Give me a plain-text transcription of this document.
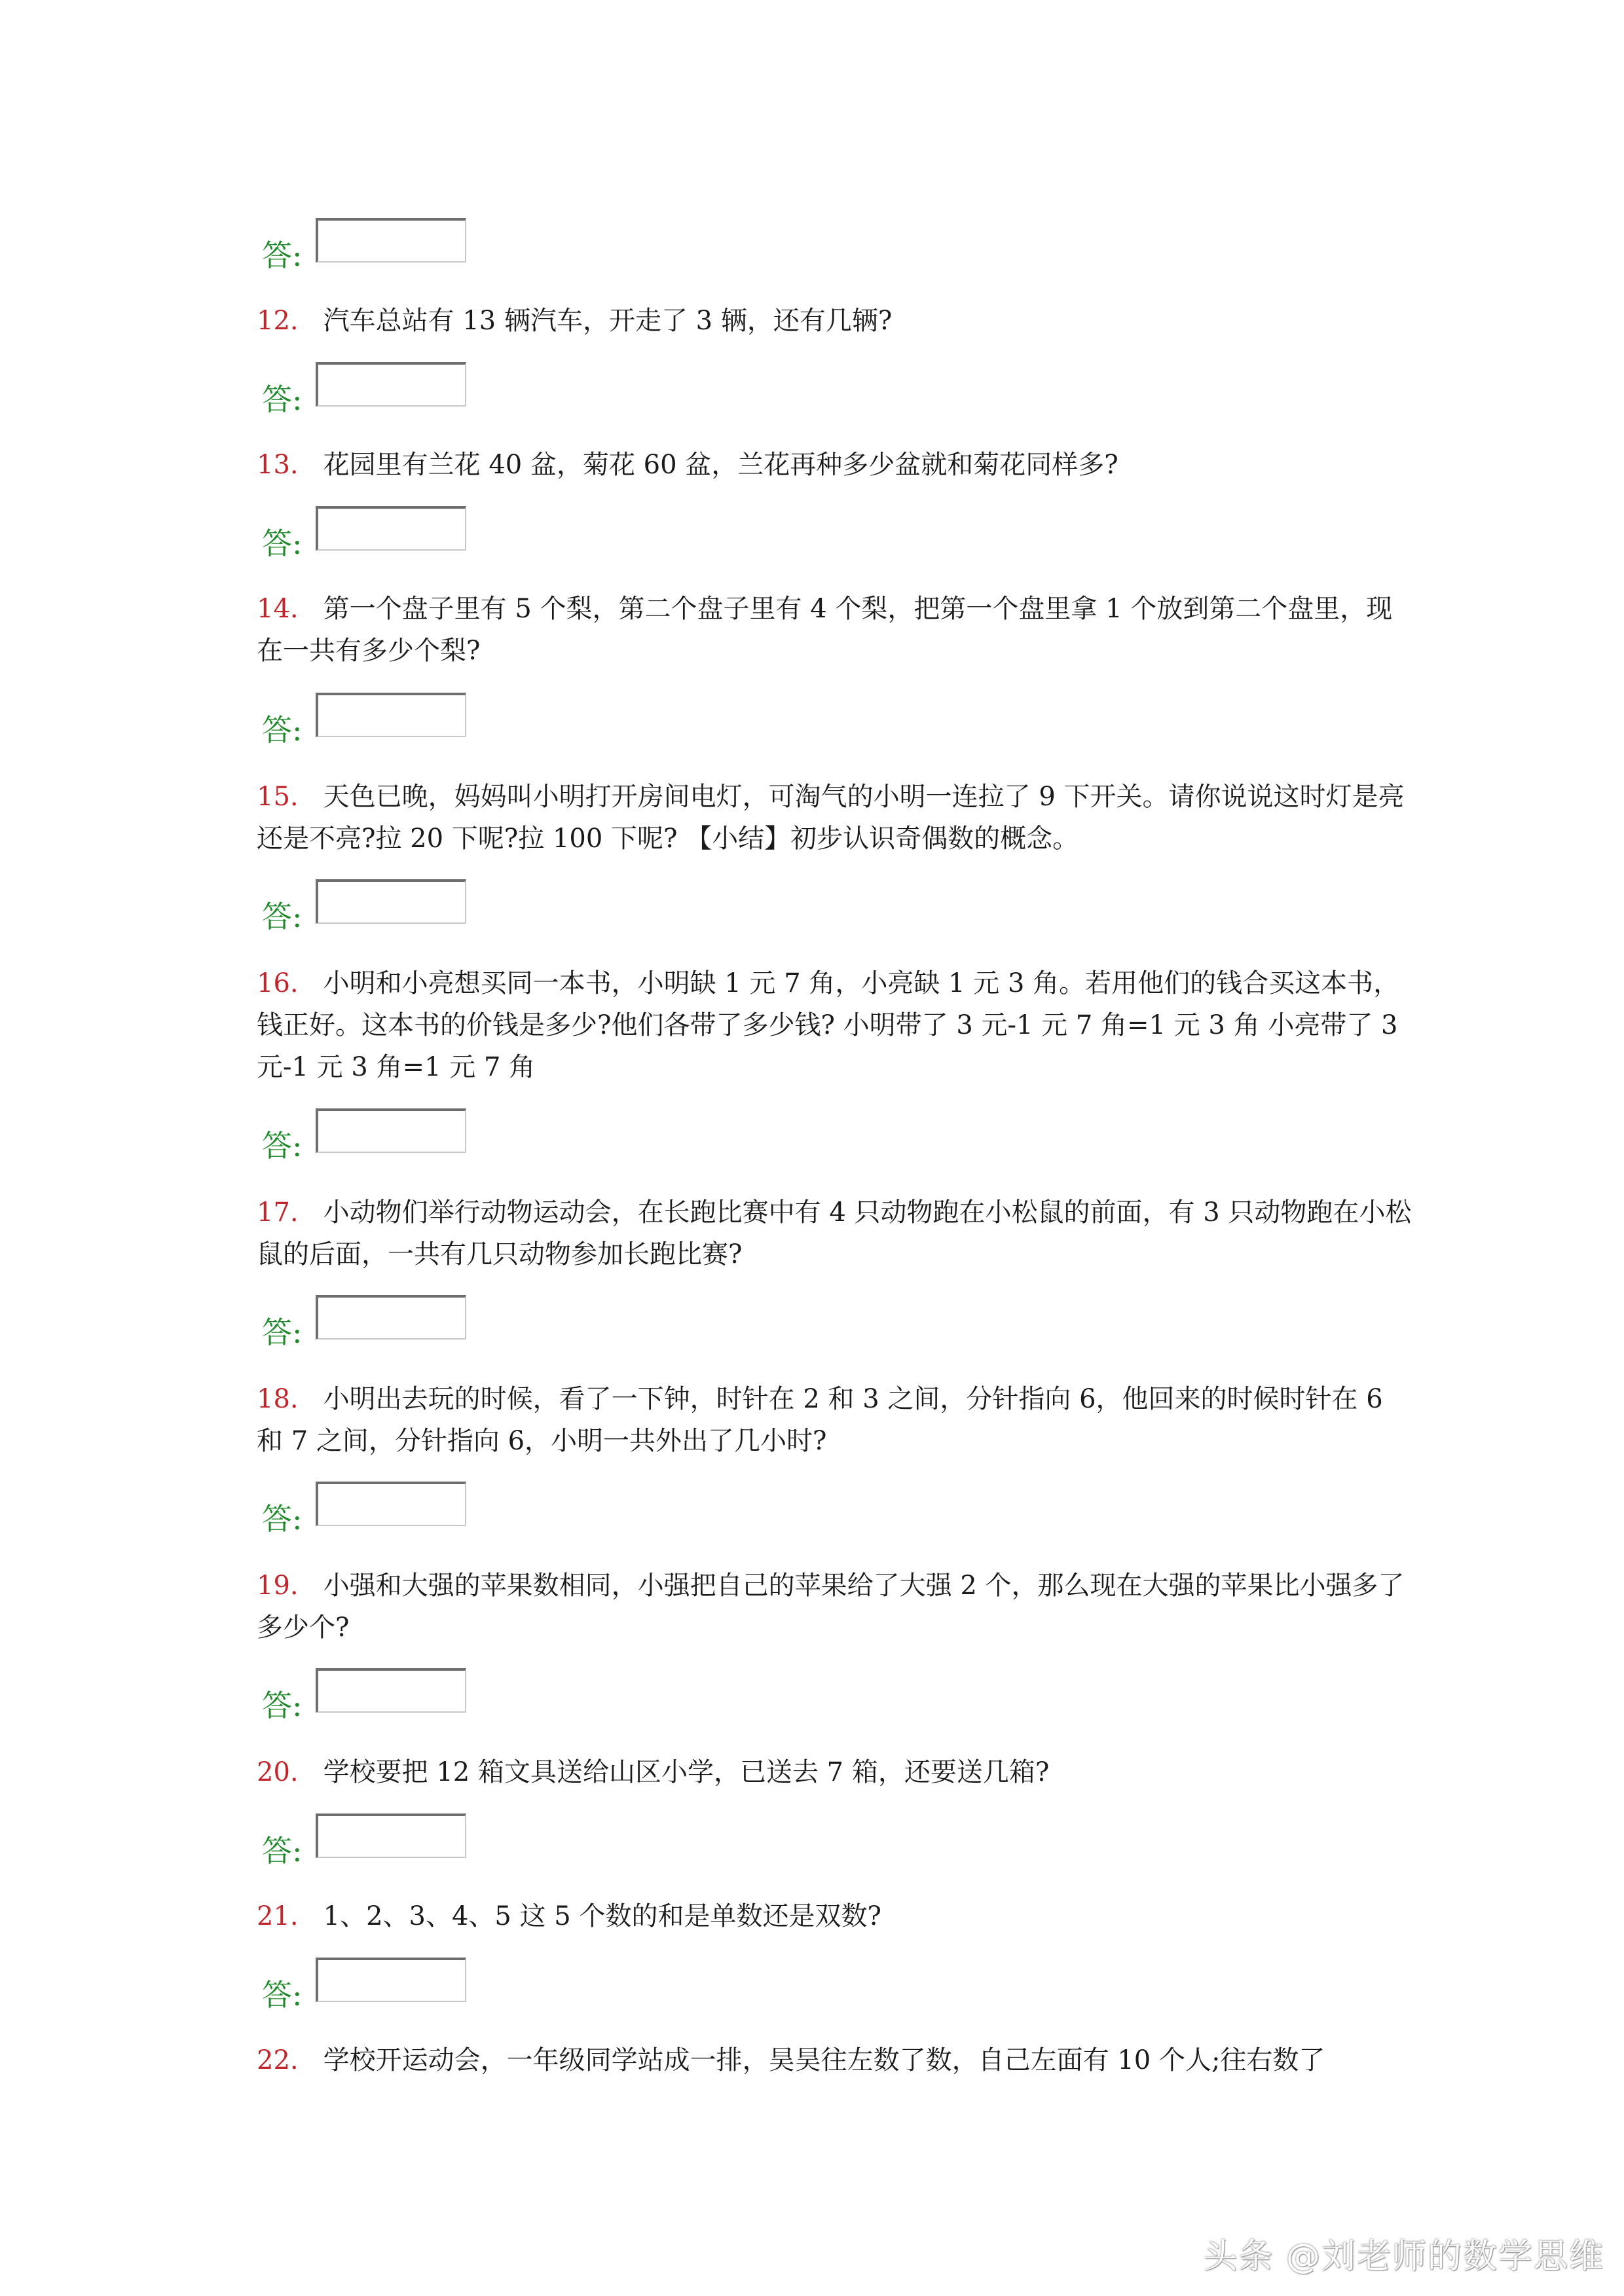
答:
12. 汽车总站有 13 辆汽车，开走了 3 辆，还有几辆?
答:
13. 花园里有兰花 40 盆，菊花 60 盆，兰花再种多少盆就和菊花同样多?
答:
14. 第一个盘子里有 5 个梨，第二个盘子里有 4 个梨，把第一个盘里拿 1 个放到第二个盘里，现在一共有多少个梨?
答:
15. 天色已晚，妈妈叫小明打开房间电灯，可淘气的小明一连拉了 9 下开关。请你说说这时灯是亮还是不亮?拉 20 下呢?拉 100 下呢? 【小结】初步认识奇偶数的概念。
答:
16. 小明和小亮想买同一本书，小明缺 1 元 7 角，小亮缺 1 元 3 角。若用他们的钱合买这本书，钱正好。这本书的价钱是多少?他们各带了多少钱? 小明带了 3 元-1 元 7 角=1 元 3 角 小亮带了 3 元-1 元 3 角=1 元 7 角
答:
17. 小动物们举行动物运动会，在长跑比赛中有 4 只动物跑在小松鼠的前面，有 3 只动物跑在小松鼠的后面，一共有几只动物参加长跑比赛?
答:
18. 小明出去玩的时候，看了一下钟，时针在 2 和 3 之间，分针指向 6，他回来的时候时针在 6 和 7 之间，分针指向 6，小明一共外出了几小时?
答:
19. 小强和大强的苹果数相同，小强把自己的苹果给了大强 2 个，那么现在大强的苹果比小强多了多少个?
答:
20. 学校要把 12 箱文具送给山区小学，已送去 7 箱，还要送几箱?
答:
21. 1、2、3、4、5 这 5 个数的和是单数还是双数?
答:
22. 学校开运动会，一年级同学站成一排，昊昊往左数了数，自己左面有 10 个人;往右数了
头条 @刘老师的数学思维
